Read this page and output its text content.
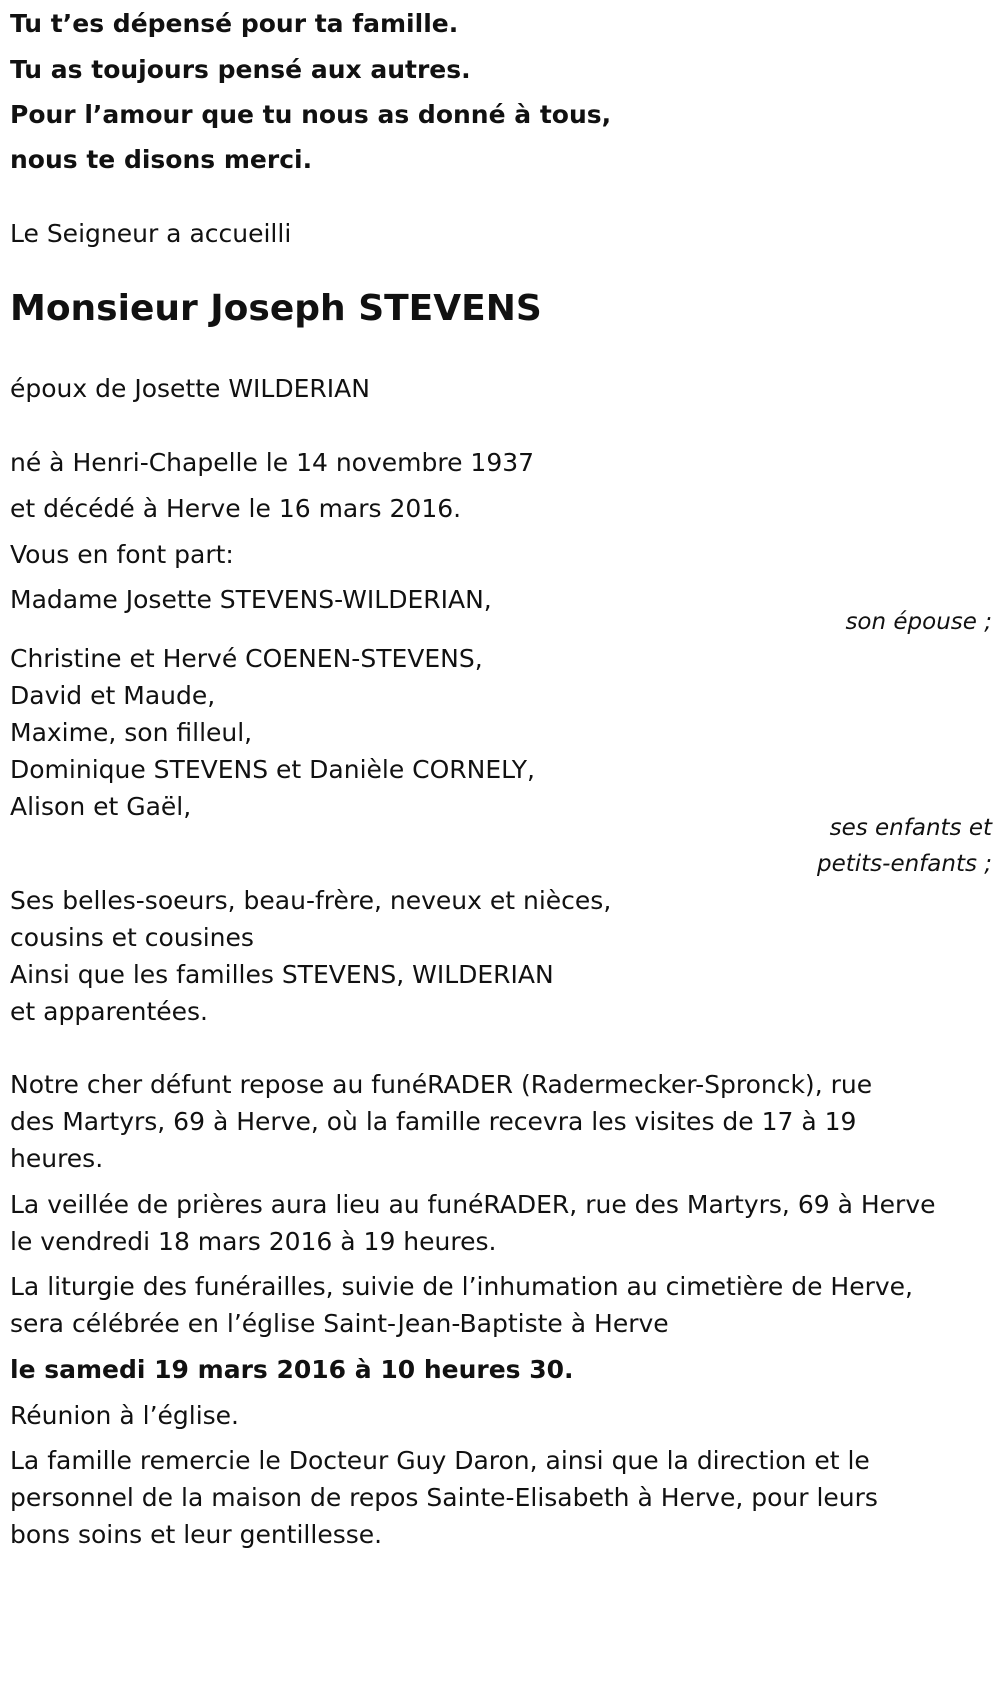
Tu t’es dépensé pour ta famille.
Tu as toujours pensé aux autres.
Pour l’amour que tu nous as donné à tous,
nous te disons merci.
Le Seigneur a accueilli
Monsieur Joseph STEVENS
époux de Josette WILDERIAN
né à Henri-Chapelle le 14 novembre 1937
et décédé à Herve le 16 mars 2016.
Vous en font part:
Madame Josette STEVENS-WILDERIAN,
son épouse ;
Christine et Hervé COENEN-STEVENS,
David et Maude,
Maxime, son filleul,
Dominique STEVENS et Danièle CORNELY,
Alison et Gaël,
ses enfants et
petits-enfants ;
Ses belles-soeurs, beau-frère, neveux et nièces,
cousins et cousines
Ainsi que les familles STEVENS, WILDERIAN
et apparentées.
Notre cher défunt repose au funéRADER (Radermecker-Spronck), rue
des Martyrs, 69 à Herve, où la famille recevra les visites de 17 à 19
heures.
La veillée de prières aura lieu au funéRADER, rue des Martyrs, 69 à Herve
le vendredi 18 mars 2016 à 19 heures.
La liturgie des funérailles, suivie de l’inhumation au cimetière de Herve,
sera célébrée en l’église Saint-Jean-Baptiste à Herve
le samedi 19 mars 2016 à 10 heures 30.
Réunion à l’église.
La famille remercie le Docteur Guy Daron, ainsi que la direction et le
personnel de la maison de repos Sainte-Elisabeth à Herve, pour leurs
bons soins et leur gentillesse.
